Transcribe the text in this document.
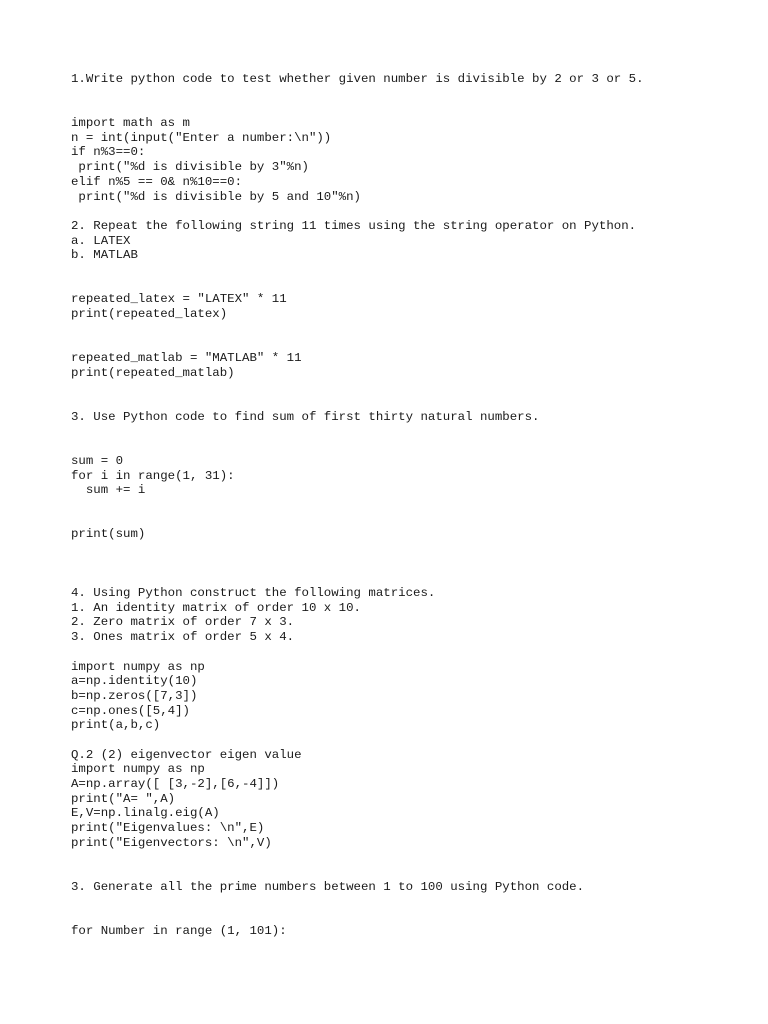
1.Write python code to test whether given number is divisible by 2 or 3 or 5.
import math as m
n = int(input("Enter a number:\n"))
if n%3==0:
print("%d is divisible by 3"%n)
elif n%5 == 0& n%10==0:
print("%d is divisible by 5 and 10"%n)
2. Repeat the following string 11 times using the string operator on Python.
a. LATEX
b. MATLAB
repeated_latex = "LATEX" * 11
print(repeated_latex)
repeated_matlab = "MATLAB" * 11
print(repeated_matlab)
3. Use Python code to find sum of first thirty natural numbers.
sum = 0
for i in range(1, 31):
sum += i
print(sum)
4. Using Python construct the following matrices.
1. An identity matrix of order 10 x 10.
2. Zero matrix of order 7 x 3.
3. Ones matrix of order 5 x 4.
import numpy as np
a=np.identity(10)
b=np.zeros([7,3])
c=np.ones([5,4])
print(a,b,c)
Q.2 (2) eigenvector eigen value
import numpy as np
A=np.array([ [3,-2],[6,-4]])
print("A= ",A)
E,V=np.linalg.eig(A)
print("Eigenvalues: \n",E)
print("Eigenvectors: \n",V)
3. Generate all the prime numbers between 1 to 100 using Python code.
for Number in range (1, 101):
